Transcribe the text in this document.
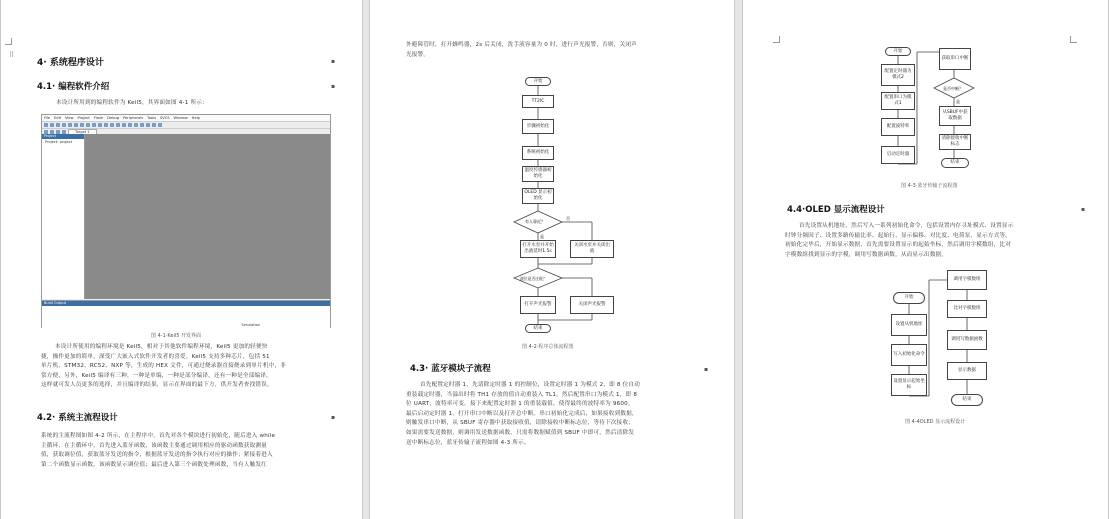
⠿
4· 系统程序设计
4.1· 编程软件介绍
本设计所用到的编程软件为 Keil5，其界面如图 4-1 所示：
File Edit View Project Flash Debug Peripherals Tools SVCS Window Help
Target 1
Project
Project: project
Build Output
Simulation
图 4-1·Keil5 开发界面
本设计所使用的编程环境是 Keil5，相对于其他软件编程环境，Keil5 更加的轻便快
捷，操作更加的简单，深受广大嵌入式软件开发者的喜爱。Keil5 支持多种芯片，包括 51
单片机、STM32、RC52、NXP 等，生成的 HEX 文件，可通过烧录器直接烧录到单片机中，非
常方便，另外，Keil5 编译有三种，一种是单编，一种是部分编译，还有一种是全部编译，
这样就可发人员更多的选择，并且编译的结果，显示在界面的最下方，供开发者查找错误。
4.2· 系统主流程设计
系统的主流程图如图 4-2 所示，在主程序中，首先对各个模块进行初始化，随后进入 while
主循环，在主循环中，首先进入蓝牙函数，该函数主要通过调用相应的驱动函数获取测量
值，获取调位值，获取蓝牙发送的指令，根据蓝牙发送的指令执行对应的操作；紧接着进入
第二个函数显示函数，该函数显示调位值；最后进入第三个函数处理函数，当有人触发红
▪
▪
▪
外避障管时，打开蜂鸣器，2s 后关闭，洗手液容量为 0 时，进行声光报警，否则，关闭声
光报警。
开始
TT2IC
步骤初始化
系统初始化
温度传感器初始化
OLED 显示初始化
有人靠近？
否
是
打开水泵并开始出液延时1.5s
关闭水泵并关闭出液
液位是否过低？
打开声光报警	关闭声光报警
结束
图 4-2·程序总体流程图
4.3· 蓝牙模块子流程
首先配置定时器 1，先请除定时器 1 的控制位，设置定时器 1 为模式 2，即 8 位自动
重装载定时器，当溢出时将 TH1 存放的值自动重装入 TL1。然后配置串口为模式 1，即 8
位 UART，波特率可变，接下来配置定时器 1 的重装载值，使得最终的波特率为 9600。
最后启动定时器 1，打开串口中断以及打开总中断。串口初始化完成后，如果接收到数据，
则触发串口中断，从 SBUF 寄存器中获取接收值，请除接收中断标志位，等待下次接收；
如果需要发送数据，则调用发送数据函数，只需将数据赋值到 SBUF 中即可，然后清除发
送中断标志位，蓝牙传输子流程如图 4-3 所示。
▪
开始
配置定时器为模式2
配置串口为模式1
配置波特率
启动定时器
获取串口中断
是否中断？
是
从SBUF中获取数据
清除接收中断标志
结束
图 4-3·蓝牙传输子流程图
4.4·OLED 显示流程设计
首先设置从机地址，然后写入一系列初始化命令，包括设置内存寻址模式、设置显示
时钟分频因子、设置多路传输比率、起始行、显示偏移、对比度、电荷泵、显示方式等，
初始化完毕后，开始显示数据，首先需要设置显示的起始坐标，然后调用字模数组，比对
字模数组找到显示的字模，调用写数据函数，从而显示出数据。
开始
设置从机地址
写入初始化命令
设置显示起始坐标
调用字模数组
比对字模数组
调用写数据函数
显示数据
结束
图 4-4OLED 显示流程设计
▪
